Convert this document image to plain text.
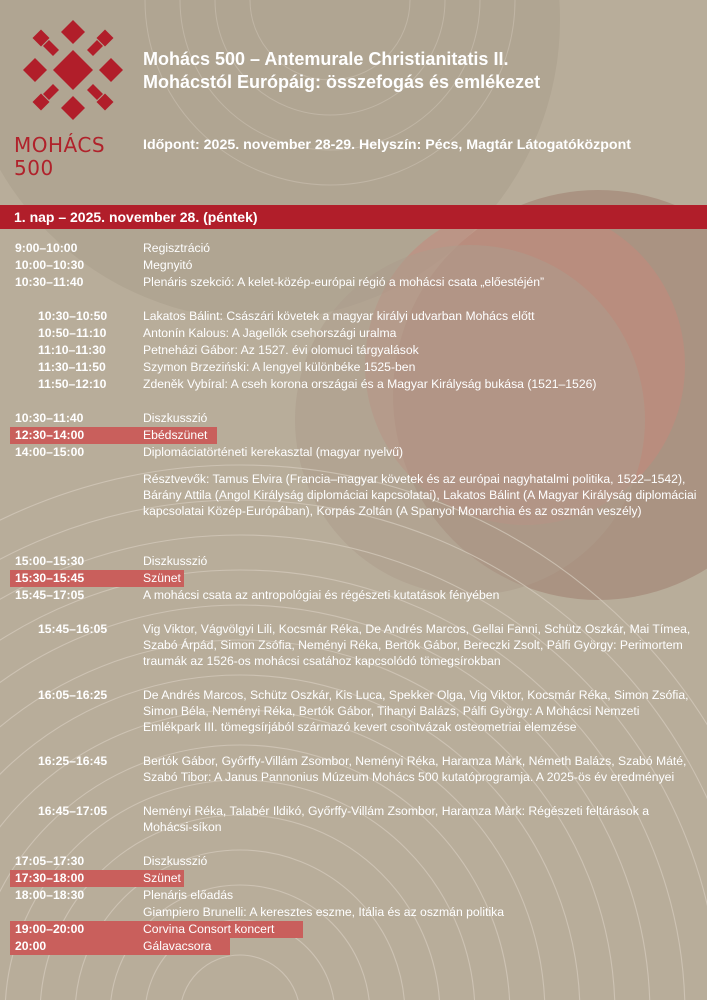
MOHÁCS
500
Mohács 500 – Antemurale Christianitatis II.
Mohácstól Európáig: összefogás és emlékezet
Időpont: 2025. november 28-29. Helyszín: Pécs, Magtár Látogatóközpont
1. nap – 2025. november 28. (péntek)
9:00–10:00	Regisztráció
10:00–10:30	Megnyitó
10:30–11:40	Plenáris szekció: A kelet-közép-európai régió a mohácsi csata „előestéjén”
10:30–10:50	Lakatos Bálint: Császári követek a magyar királyi udvarban Mohács előtt
10:50–11:10	Antonín Kalous: A Jagellók csehországi uralma
11:10–11:30	Petneházi Gábor: Az 1527. évi olomuci tárgyalások
11:30–11:50	Szymon Brzeziński: A lengyel különbéke 1525-ben
11:50–12:10	Zdeněk Vybíral: A cseh korona országai és a Magyar Királyság bukása (1521–1526)
10:30–11:40	Diszkusszió
12:30–14:00	Ebédszünet
14:00–15:00	Diplomáciatörténeti kerekasztal (magyar nyelvű)
Résztvevők: Tamus Elvira (Francia–magyar követek és az európai nagyhatalmi politika, 1522–1542), Bárány Attila (Angol Királyság diplomáciai kapcsolatai), Lakatos Bálint (A Magyar Királyság diplomáciai kapcsolatai Közép-Európában), Korpás Zoltán (A Spanyol Monarchia és az oszmán veszély)
15:00–15:30	Diszkusszió
15:30–15:45	Szünet
15:45–17:05	A mohácsi csata az antropológiai és régészeti kutatások fényében
15:45–16:05	Vig Viktor, Vágvölgyi Lili, Kocsmár Réka, De Andrés Marcos, Gellai Fanni, Schütz Oszkár, Mai Tímea, Szabó Árpád, Simon Zsófia, Neményi Réka, Bertók Gábor, Bereczki Zsolt, Pálfi György: Perimortem traumák az 1526-os mohácsi csatához kapcsolódó tömegsírokban
16:05–16:25	De Andrés Marcos, Schütz Oszkár, Kis Luca, Spekker Olga, Vig Viktor, Kocsmár Réka, Simon Zsófia, Simon Béla, Neményi Réka, Bertók Gábor, Tihanyi Balázs, Pálfi György: A Mohácsi Nemzeti Emlékpark III. tömegsírjából származó kevert csontvázak osteometriai elemzése
16:25–16:45	Bertók Gábor, Győrffy-Villám Zsombor, Neményi Réka, Haramza Márk, Németh Balázs, Szabó Máté, Szabó Tibor: A Janus Pannonius Múzeum Mohács 500 kutatóprogramja. A 2025-ös év eredményei
16:45–17:05	Neményi Réka, Talabér Ildikó, Győrffy-Villám Zsombor, Haramza Márk: Régészeti feltárások a Mohácsi-síkon
17:05–17:30	Diszkusszió
17:30–18:00	Szünet
18:00–18:30	Plenáris előadás
Giampiero Brunelli: A keresztes eszme, Itália és az oszmán politika
19:00–20:00	Corvina Consort koncert
20:00	Gálavacsora
